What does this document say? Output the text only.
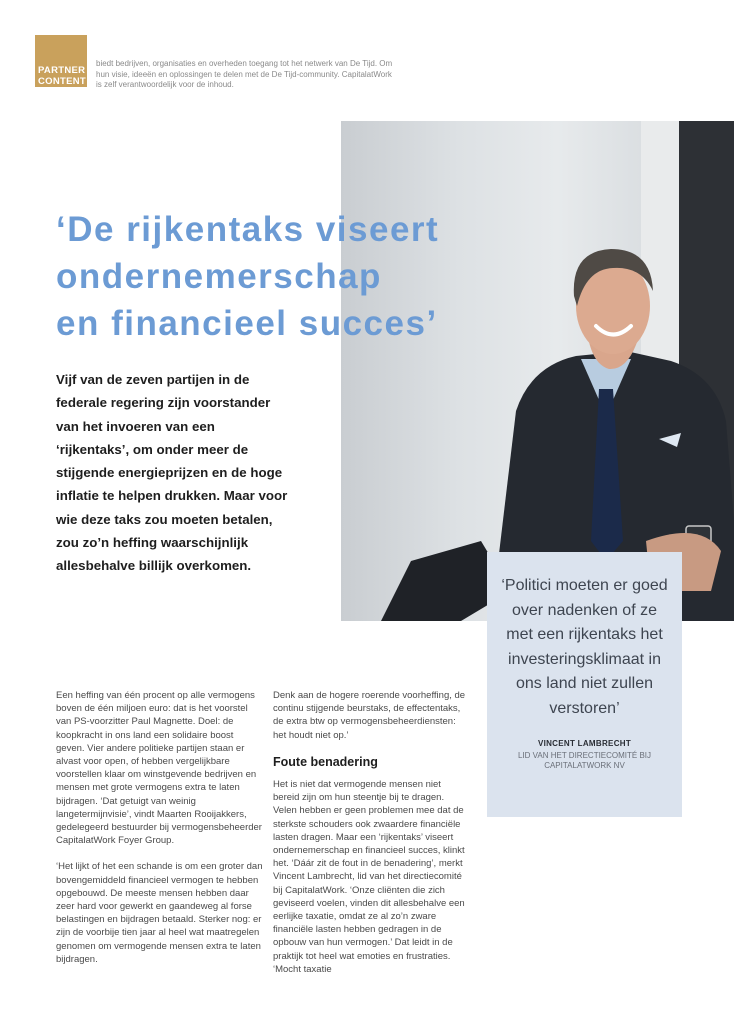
PARTNER
CONTENT
biedt bedrijven, organisaties en overheden toegang tot het netwerk van De Tijd. Om hun visie, ideeën en oplossingen te delen met de De Tijd-community. CapitalatWork is zelf verantwoordelijk voor de inhoud.
‘De rijkentaks viseert
ondernemerschap
en financieel succes’

Vijf van de zeven partijen in de federale regering zijn voorstander van het invoeren van een ‘rijkentaks’, om onder meer de stijgende energieprijzen en de hoge inflatie te helpen drukken. Maar voor wie deze taks zou moeten betalen, zou zo’n heffing waarschijnlijk allesbehalve billijk overkomen.

‘Politici moeten er goed over nadenken of ze met een rijkentaks het investeringsklimaat in ons land niet zullen verstoren’
VINCENT LAMBRECHT
LID VAN HET DIRECTIECOMITÉ BIJ
CAPITALATWORK NV

Een heffing van één procent op alle vermogens boven de één miljoen euro: dat is het voorstel van PS-voorzitter Paul Magnette. Doel: de koopkracht in ons land een solidaire boost geven. Vier andere politieke partijen staan er alvast voor open, of hebben vergelijkbare voorstellen klaar om winstgevende bedrijven en mensen met grote vermogens extra te laten bijdragen. ‘Dat getuigt van weinig langetermijnvisie’, vindt Maarten Rooijakkers, gedelegeerd bestuurder bij vermogensbeheerder CapitalatWork Foyer Group.

‘Het lijkt of het een schande is om een groter dan bovengemiddeld financieel vermogen te hebben opgebouwd. De meeste mensen hebben daar zeer hard voor gewerkt en gaandeweg al forse belastingen en bijdragen betaald. Sterker nog: er zijn de voorbije tien jaar al heel wat maatregelen genomen om vermogende mensen extra te laten bijdragen.

Denk aan de hogere roerende voorheffing, de continu stijgende beurstaks, de effectentaks, de extra btw op vermogensbeheerdiensten: het houdt niet op.’

Foute benadering

Het is niet dat vermogende mensen niet bereid zijn om hun steentje bij te dragen. Velen hebben er geen problemen mee dat de sterkste schouders ook zwaardere financiële lasten dragen. Maar een ‘rijkentaks’ viseert ondernemerschap en financieel succes, klinkt het. ‘Dáár zit de fout in de benadering’, merkt Vincent Lambrecht, lid van het directiecomité bij CapitalatWork. ‘Onze cliënten die zich geviseerd voelen, vinden dit allesbehalve een eerlijke taxatie, omdat ze al zo’n zware financiële lasten hebben gedragen in de opbouw van hun vermogen.’ Dat leidt in de praktijk tot heel wat emoties en frustraties. ‘Mocht taxatie
